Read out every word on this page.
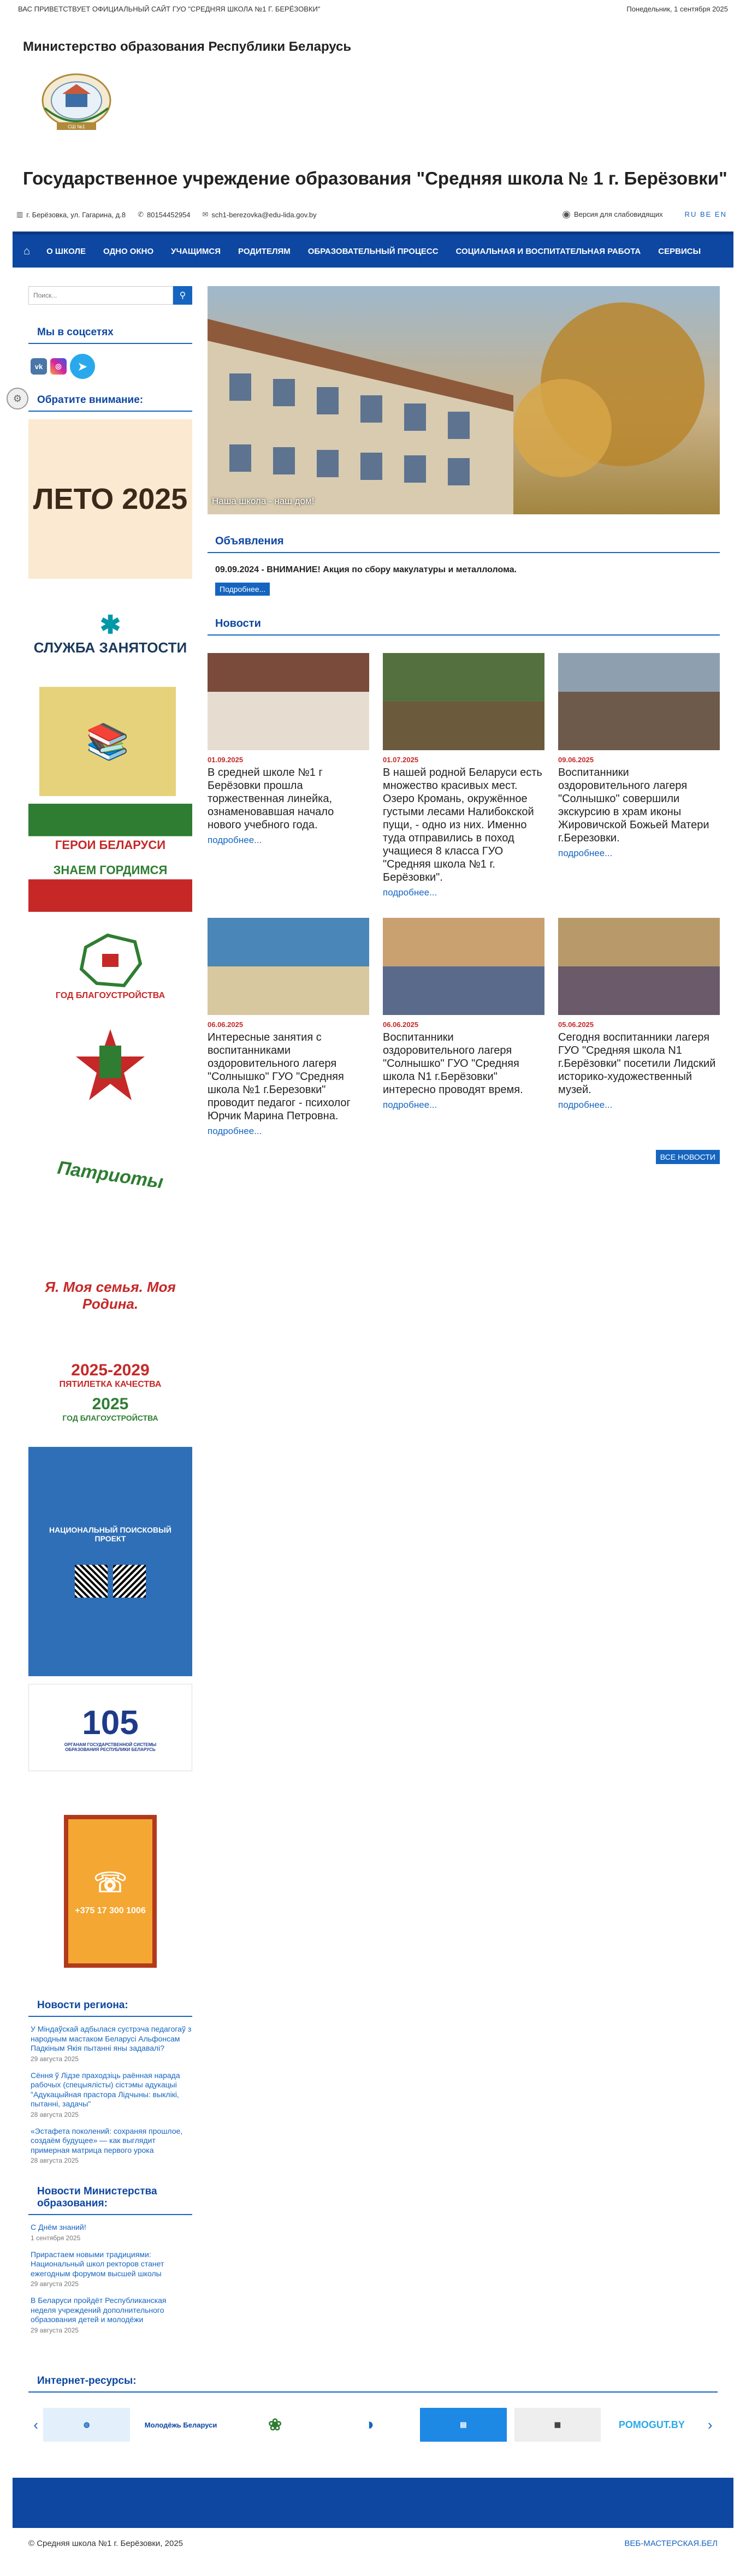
ВАС ПРИВЕТСТВУЕТ ОФИЦИАЛЬНЫЙ САЙТ ГУО "СРЕДНЯЯ ШКОЛА №1 Г. БЕРЁЗОВКИ"	Понедельник, 1 сентября 2025
Министерство образования Республики Беларусь
СШ №1
Государственное учреждение образования "Средняя школа № 1 г. Берёзовки"
▥ г. Берёзовка, ул. Гагарина, д.8 ✆ 80154452954 ✉ sch1-berezovka@edu-lida.gov.by	◉ Версия для слабовидящих	RU BE EN
⌂ О ШКОЛЕ ОДНО ОКНО УЧАЩИМСЯ РОДИТЕЛЯМ ОБРАЗОВАТЕЛЬНЫЙ ПРОЦЕСС СОЦИАЛЬНАЯ И ВОСПИТАТЕЛЬНАЯ РАБОТА СЕРВИСЫ
⚙
Поиск...
⚲
Мы в соцсетях
vk	◎	➤
Обратите внимание:
ЛЕТО 2025
✱
СЛУЖБА ЗАНЯТОСТИ
📚
ГЕРОИ БЕЛАРУСИ
ЗНАЕМ ГОРДИМСЯ
ГОД БЛАГОУСТРОЙСТВА
Патриоты
Я. Моя семья. Моя Родина.
2025-2029
ПЯТИЛЕТКА КАЧЕСТВА
2025
ГОД БЛАГОУСТРОЙСТВА
НАЦИОНАЛЬНЫЙ ПОИСКОВЫЙ ПРОЕКТ
105
ОРГАНАМ ГОСУДАРСТВЕННОЙ СИСТЕМЫ ОБРАЗОВАНИЯ РЕСПУБЛИКИ БЕЛАРУСЬ
☏
+375 17 300 1006
Новости региона:
У Міндаўскай адбылася сустрэча педагогаў з народным мастаком Беларусі Альфонсам Падкiным Якiя пытаннi яны задавалi?
29 августа 2025
Сёння ў Лідзе праходзіць раённая нарада рабочых (спецыялісты) сістэмы адукацыі "Адукацыйная прастора Лідчыны: выклікі, пытанні, задачы"
28 августа 2025
«Эстафета поколений: сохраняя прошлое, создаём будущее» — как выглядит примерная матрица первого урока
28 августа 2025
Новости Министерства образования:
С Днём знаний!
1 сентября 2025
Прирастаем новыми традициями: Национальный школ ректоров станет ежегодным форумом высшей школы
29 августа 2025
В Беларуси пройдёт Республиканская неделя учреждений дополнительного образования детей и молодёжи
29 августа 2025
Наша школа - наш дом!
Объявления
09.09.2024 - ВНИМАНИЕ! Акция по сбору макулатуры и металлолома.
Подробнее...
Новости
01.09.2025
В средней школе №1 г Берёзовки прошла торжественная линейка, ознаменовавшая начало нового учебного года.
подробнее...
01.07.2025
В нашей родной Беларуси есть множество красивых мест. Озеро Кромань, окружённое густыми лесами Налибокской пущи, - одно из них. Именно туда отправились в поход учащиеся 8 класса ГУО "Средняя школа №1 г. Берёзовки".
подробнее...
09.06.2025
Воспитанники оздоровительного лагеря "Солнышко" совершили экскурсию в храм иконы Жировичской Божьей Матери г.Березовки.
подробнее...
06.06.2025
Интересные занятия с воспитанниками оздоровительного лагеря "Солнышко" ГУО "Средняя школа №1 г.Березовки" проводит педагог - психолог Юрчик Марина Петровна.
подробнее...
06.06.2025
Воспитанники оздоровительного лагеря "Солнышко" ГУО "Средняя школа N1 г.Берёзовки" интересно проводят время.
подробнее...
05.06.2025
Сегодня воспитанники лагеря ГУО "Средняя школа N1 г.Берёзовки" посетили Лидский историко-художественный музей.
подробнее...
ВСЕ НОВОСТИ
Интернет-ресурсы:
‹	◍	Молодёжь Беларуси	❀	◑	▤	▦	POMOGUT.BY	›
© Средняя школа №1 г. Берёзовки, 2025	ВЕБ-МАСТЕРСКАЯ.БЕЛ
